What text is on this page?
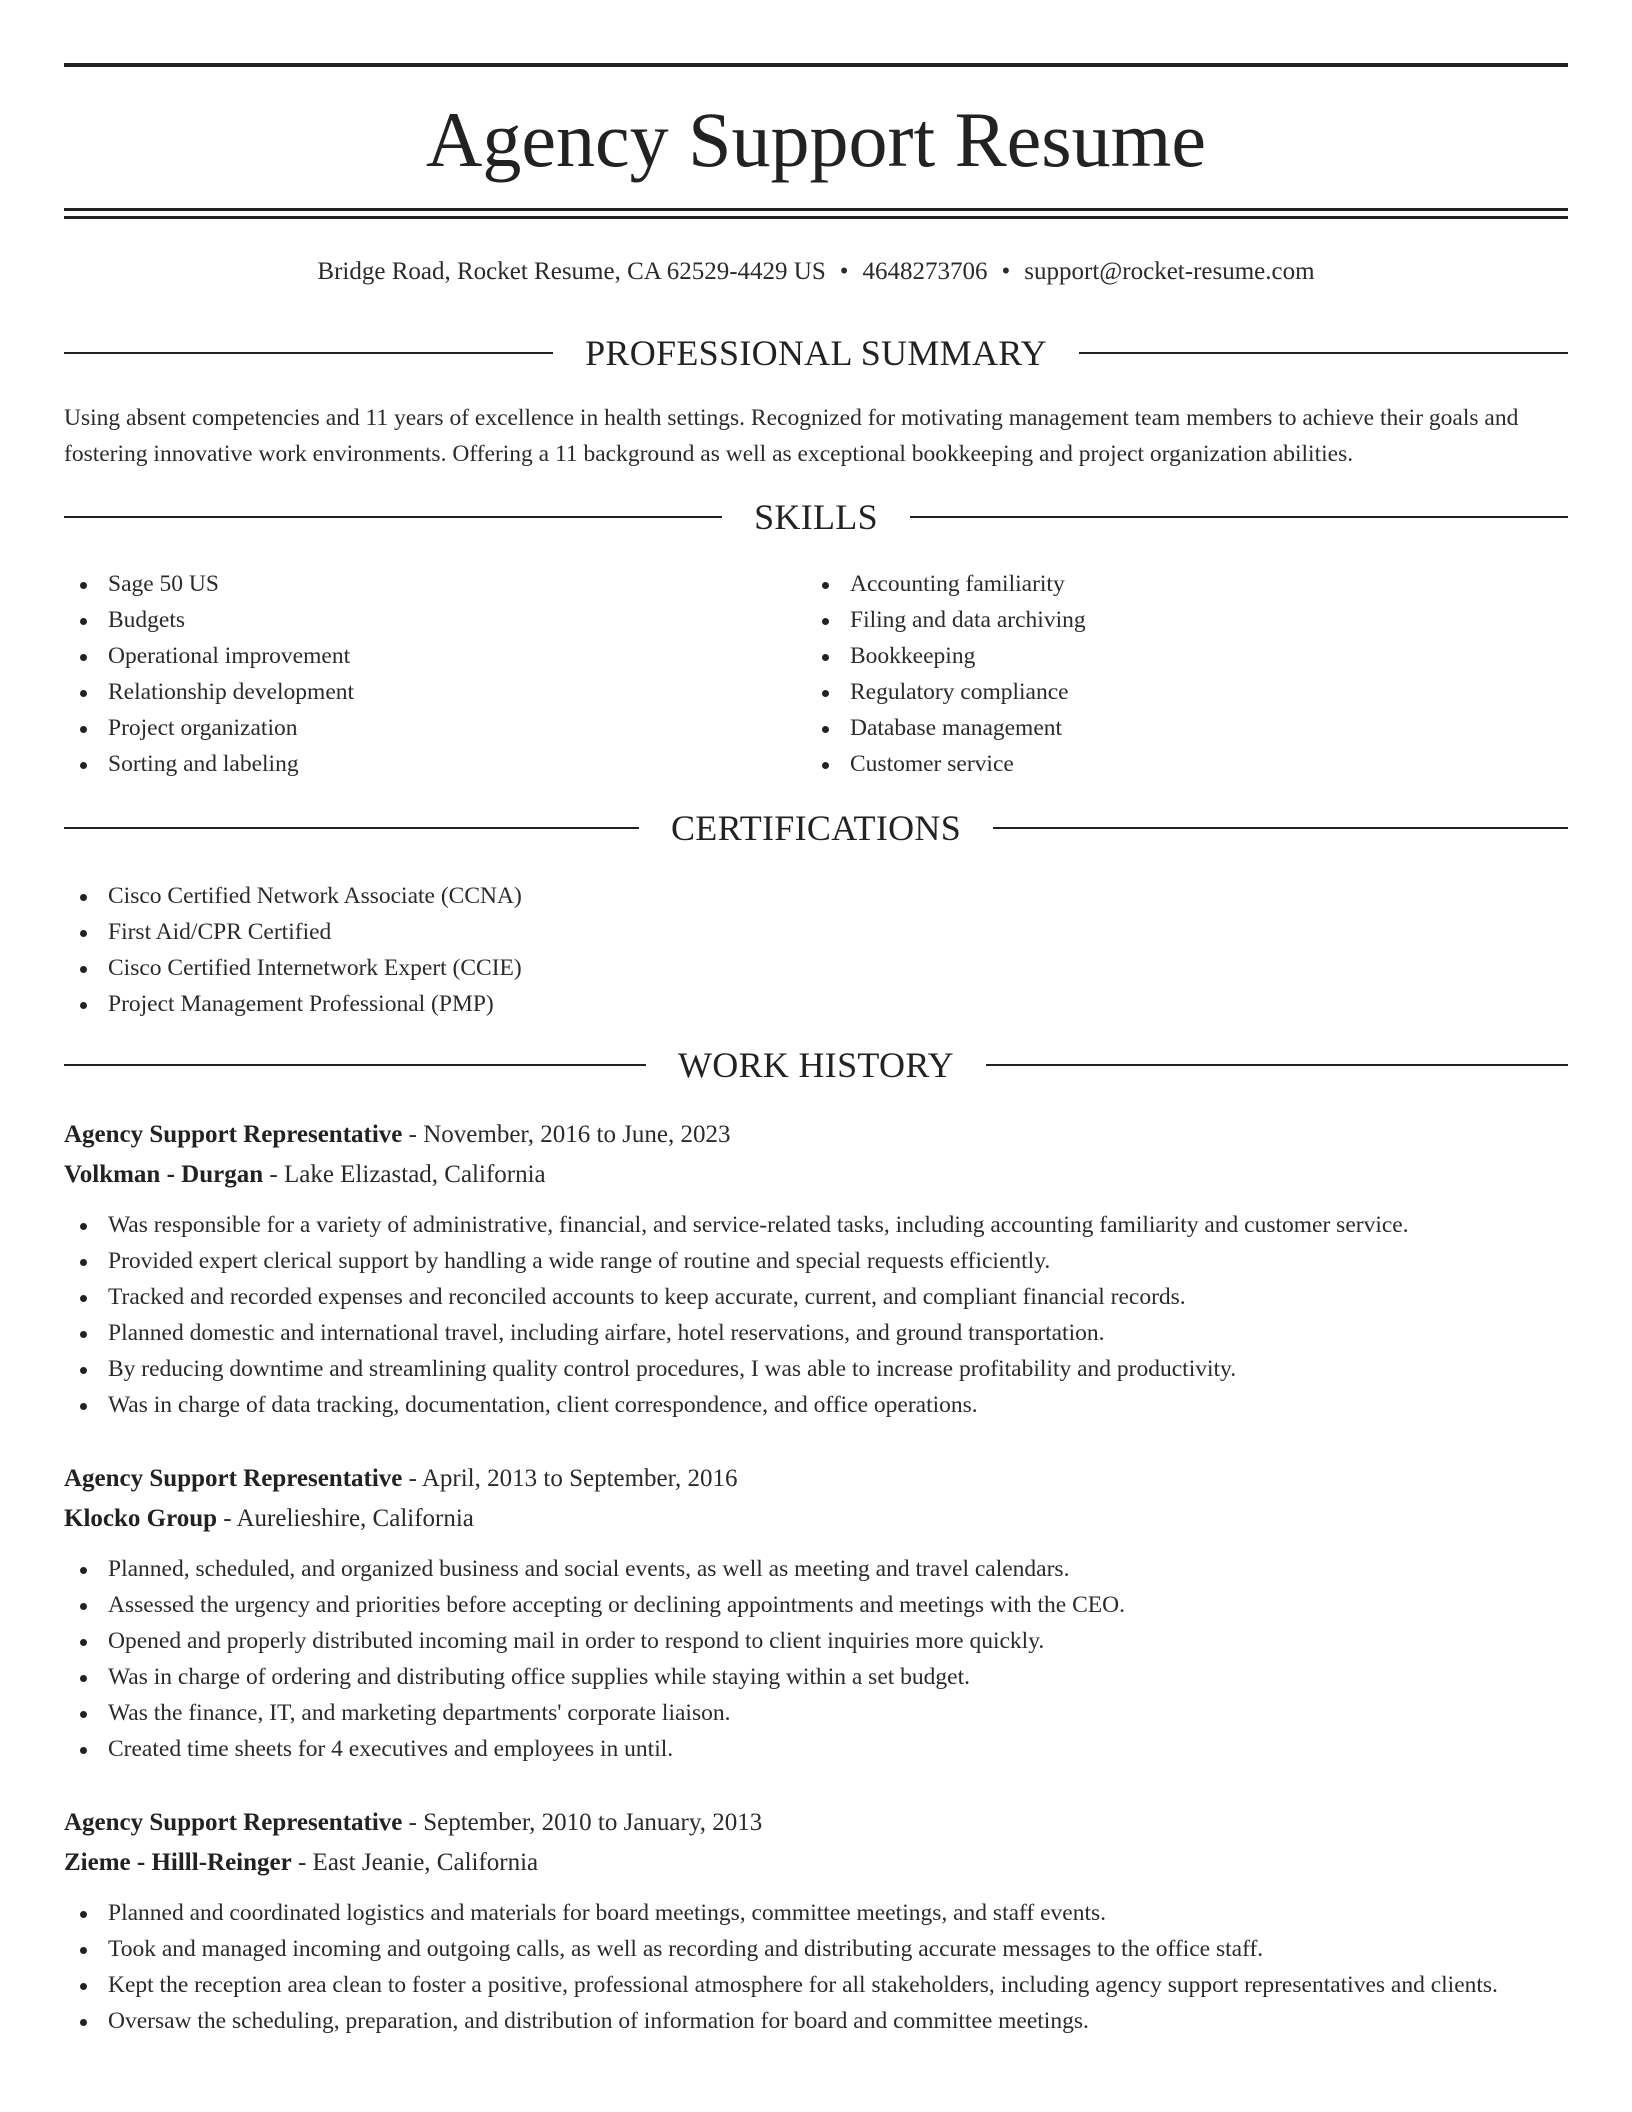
Agency Support Resume
Bridge Road, Rocket Resume, CA 62529-4429 US • 4648273706 • support@rocket-resume.com
PROFESSIONAL SUMMARY

Using absent competencies and 11 years of excellence in health settings. Recognized for motivating management team members to achieve their goals and fostering innovative work environments. Offering a 11 background as well as exceptional bookkeeping and project organization abilities.

SKILLS
Sage 50 US
Budgets
Operational improvement
Relationship development
Project organization
Sorting and labeling
Accounting familiarity
Filing and data archiving
Bookkeeping
Regulatory compliance
Database management
Customer service
CERTIFICATIONS
Cisco Certified Network Associate (CCNA)
First Aid/CPR Certified
Cisco Certified Internetwork Expert (CCIE)
Project Management Professional (PMP)
WORK HISTORY
Agency Support Representative - November, 2016 to June, 2023
Volkman - Durgan - Lake Elizastad, California
Was responsible for a variety of administrative, financial, and service-related tasks, including accounting familiarity and customer service.
Provided expert clerical support by handling a wide range of routine and special requests efficiently.
Tracked and recorded expenses and reconciled accounts to keep accurate, current, and compliant financial records.
Planned domestic and international travel, including airfare, hotel reservations, and ground transportation.
By reducing downtime and streamlining quality control procedures, I was able to increase profitability and productivity.
Was in charge of data tracking, documentation, client correspondence, and office operations.
Agency Support Representative - April, 2013 to September, 2016
Klocko Group - Aurelieshire, California
Planned, scheduled, and organized business and social events, as well as meeting and travel calendars.
Assessed the urgency and priorities before accepting or declining appointments and meetings with the CEO.
Opened and properly distributed incoming mail in order to respond to client inquiries more quickly.
Was in charge of ordering and distributing office supplies while staying within a set budget.
Was the finance, IT, and marketing departments' corporate liaison.
Created time sheets for 4 executives and employees in until.
Agency Support Representative - September, 2010 to January, 2013
Zieme - Hilll-Reinger - East Jeanie, California
Planned and coordinated logistics and materials for board meetings, committee meetings, and staff events.
Took and managed incoming and outgoing calls, as well as recording and distributing accurate messages to the office staff.
Kept the reception area clean to foster a positive, professional atmosphere for all stakeholders, including agency support representatives and clients.
Oversaw the scheduling, preparation, and distribution of information for board and committee meetings.
